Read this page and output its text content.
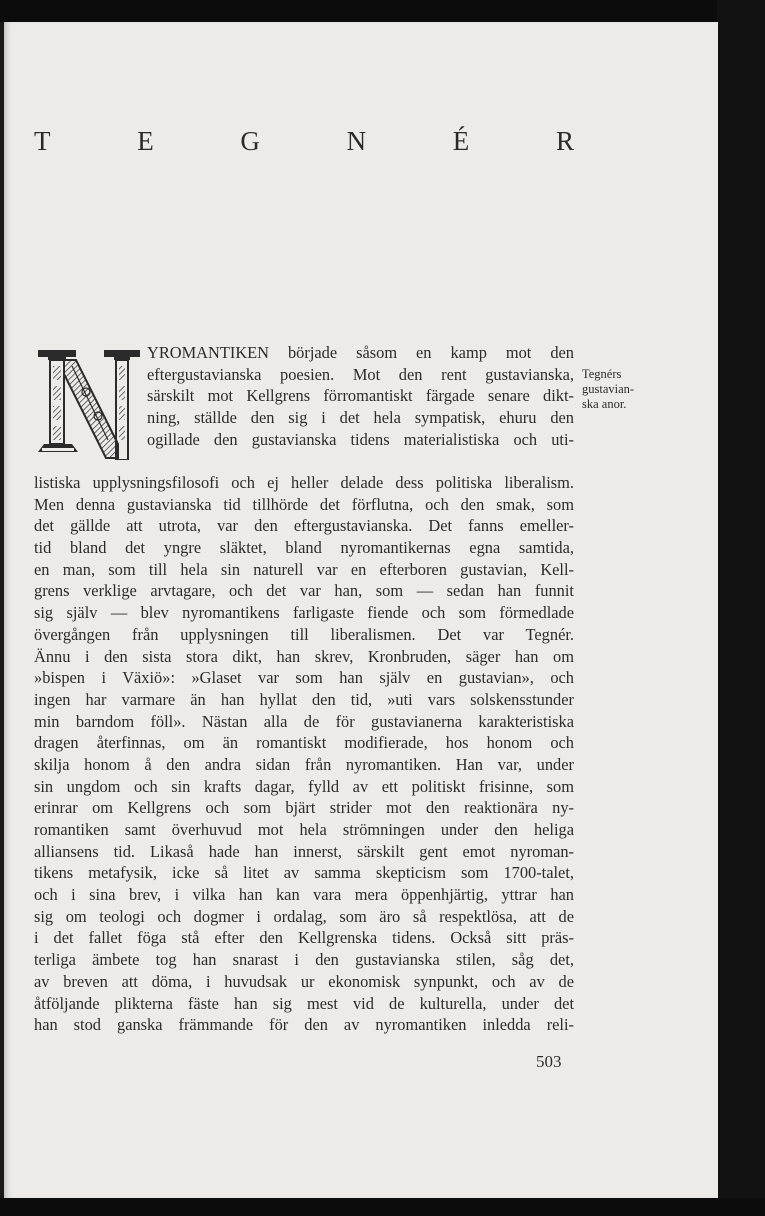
T	E	G	N	É	R
YROMANTIKEN började såsom en kamp mot den
eftergustavianska poesien. Mot den rent gustavianska,
särskilt mot Kellgrens förromantiskt färgade senare dikt-
ning, ställde den sig i det hela sympatisk, ehuru den
ogillade den gustavianska tidens materialistiska och uti-
listiska upplysningsfilosofi och ej heller delade dess politiska liberalism.
Men denna gustavianska tid tillhörde det förflutna, och den smak, som
det gällde att utrota, var den eftergustavianska. Det fanns emeller-
tid bland det yngre släktet, bland nyromantikernas egna samtida,
en man, som till hela sin naturell var en efterboren gustavian, Kell-
grens verklige arvtagare, och det var han, som — sedan han funnit
sig själv — blev nyromantikens farligaste fiende och som förmedlade
övergången från upplysningen till liberalismen. Det var Tegnér.
Ännu i den sista stora dikt, han skrev, Kronbruden, säger han om
»bispen i Växiö»: »Glaset var som han själv en gustavian», och
ingen har varmare än han hyllat den tid, »uti vars solskensstunder
min barndom föll». Nästan alla de för gustavianerna karakteristiska
dragen återfinnas, om än romantiskt modifierade, hos honom och
skilja honom å den andra sidan från nyromantiken. Han var, under
sin ungdom och sin krafts dagar, fylld av ett politiskt frisinne, som
erinrar om Kellgrens och som bjärt strider mot den reaktionära ny-
romantiken samt överhuvud mot hela strömningen under den heliga
alliansens tid. Likaså hade han innerst, särskilt gent emot nyroman-
tikens metafysik, icke så litet av samma skepticism som 1700-talet,
och i sina brev, i vilka han kan vara mera öppenhjärtig, yttrar han
sig om teologi och dogmer i ordalag, som äro så respektlösa, att de
i det fallet föga stå efter den Kellgrenska tidens. Också sitt präs-
terliga ämbete tog han snarast i den gustavianska stilen, såg det,
av breven att döma, i huvudsak ur ekonomisk synpunkt, och av de
åtföljande plikterna fäste han sig mest vid de kulturella, under det
han stod ganska främmande för den av nyromantiken inledda reli-
Tegnérs
gustavian-
ska anor.
503
